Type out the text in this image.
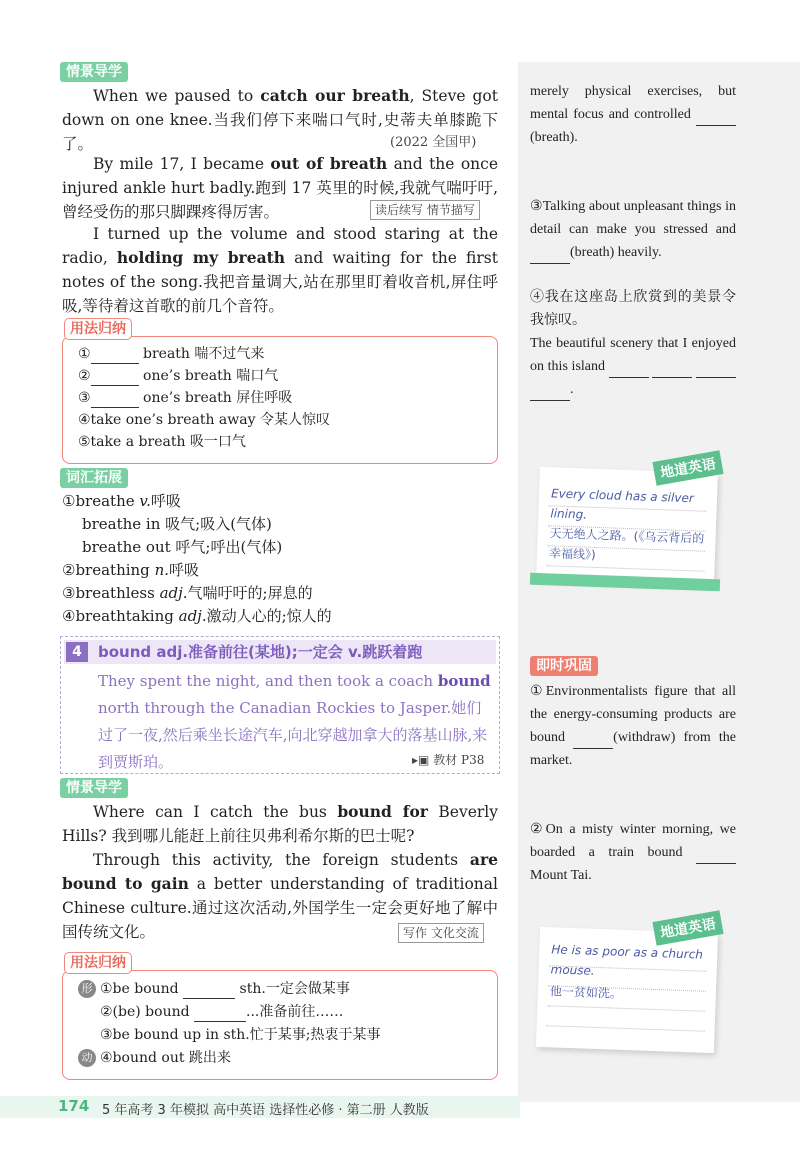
情景导学

When we paused to catch our breath, Steve got down on one knee.当我们停下来喘口气时,史蒂夫单膝跪下了。	(2022 全国甲)

By mile 17, I became out of breath and the once injured ankle hurt badly.跑到 17 英里的时候,我就气喘吁吁,曾经受伤的那只脚踝疼得厉害。	读后续写 情节描写

I turned up the volume and stood staring at the radio, holding my breath and waiting for the first notes of the song.我把音量调大,站在那里盯着收音机,屏住呼吸,等待着这首歌的前几个音符。

用法归纳
①	breath 喘不过气来
②	one’s breath 喘口气
③	one’s breath 屏住呼吸
④take one’s breath away 令某人惊叹
⑤take a breath 吸一口气
词汇拓展
①breathe v.呼吸
breathe in 吸气;吸入(气体)
breathe out 呼气;呼出(气体)
②breathing n.呼吸
③breathless adj.气喘吁吁的;屏息的
④breathtaking adj.激动人心的;惊人的
4	bound adj.准备前往(某地);一定会 v.跳跃着跑

They spent the night, and then took a coach bound north through the Canadian Rockies to Jasper.她们过了一夜,然后乘坐长途汽车,向北穿越加拿大的落基山脉,来到贾斯珀。	▸▣ 教材 P38
情景导学

Where can I catch the bus bound for Beverly Hills? 我到哪儿能赶上前往贝弗利希尔斯的巴士呢?

Through this activity, the foreign students are bound to gain a better understanding of traditional Chinese culture.通过这次活动,外国学生一定会更好地了解中国传统文化。	写作 文化交流
用法归纳
形 ①be bound	sth.一定会做某事
②(be) bound	...准备前往……
③be bound up in sth.忙于某事;热衷于某事
动 ④bound out 跳出来

merely physical exercises, but mental focus and controlled (breath).

③Talking about unpleasant things in detail can make you stressed and (breath) heavily.

④我在这座岛上欣赏到的美景令我惊叹。

The beautiful scenery that I enjoyed on this island    .

Every cloud has a silver lining.

天无绝人之路。(《乌云背后的幸福线》)

地道英语
即时巩固

①Environmentalists figure that all the energy-consuming products are bound	(withdraw) from the market.

②On a misty winter morning, we boarded a train bound  Mount Tai.

He is as poor as a church mouse.

他一贫如洗。

地道英语
174 5 年高考 3 年模拟 高中英语 选择性必修 · 第二册 人教版
